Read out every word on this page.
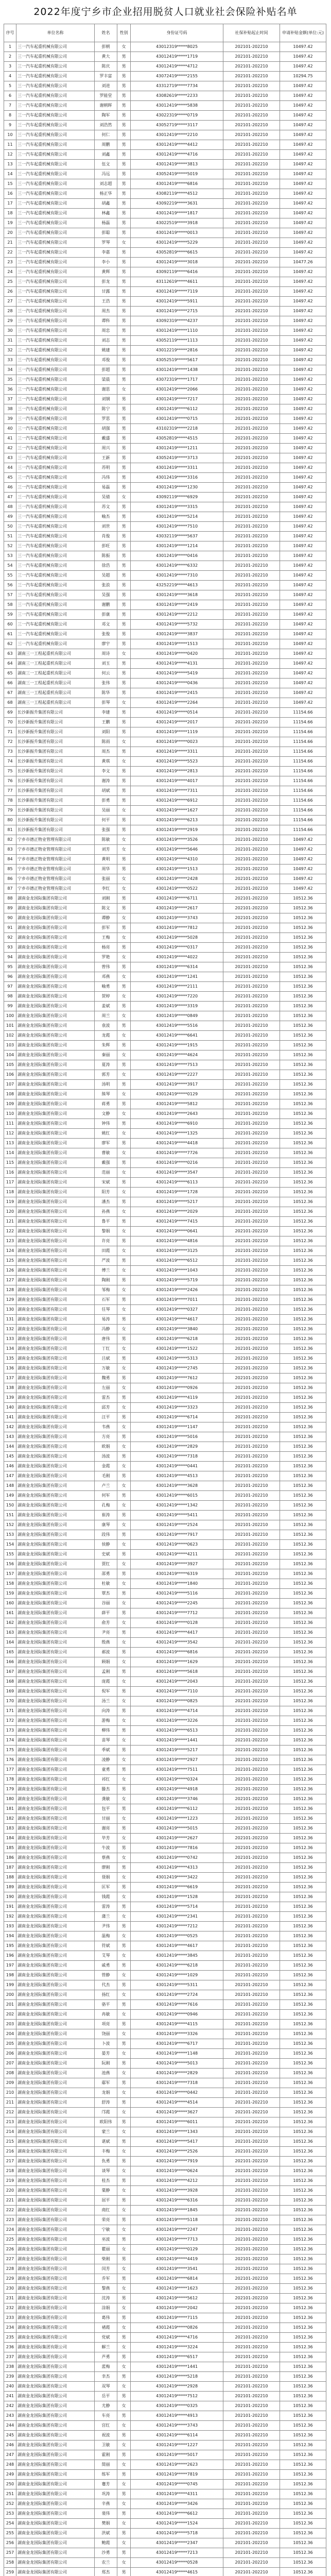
2022年度宁乡市企业招用脱贫人口就业社会保险补贴名单
序号	单位名称	姓名	性别	身份证号码	社保补贴起止时间	申请补贴金额(单位:元)
1	三一汽车起重机械有限公司	彭朝	女	43012319*****8025	202101-202210	10497.42
2	三一汽车起重机械有限公司	黄大	男	43012419*****1719	202101-202210	10497.42
3	三一汽车起重机械有限公司	陈庆	男	43012419*****4712	202101-202210	10497.42
4	三一汽车起重机械有限公司	罗丰富	男	43072419*****2155	202101-202210	10294.75
5	三一汽车起重机械有限公司	刘进	男	43312719*****7734	202101-202210	10497.42
6	三一汽车起重机械有限公司	罗能堂	男	43082619*****2233	202101-202210	10497.42
7	三一汽车起重机械有限公司	谢朝晖	男	43012419*****5838	202101-202210	10497.42
8	三一汽车起重机械有限公司	陶军	男	43022319*****0719	202101-202210	10497.42
9	三一汽车起重机械有限公司	刘浩然	男	43052719*****3117	202101-202210	10497.42
10	三一汽车起重机械有限公司	何仁	男	43012419*****2210	202101-202210	10497.42
11	三一汽车起重机械有限公司	周鹏	男	43012419*****4412	202101-202210	10497.42
12	三一汽车起重机械有限公司	刘鑫	男	43012419*****4716	202101-202210	10497.42
13	三一汽车起重机械有限公司	伍文	男	43012419*****3813	202101-202210	10497.42
14	三一汽车起重机械有限公司	冯远	男	43052419*****5019	202101-202210	10497.42
15	三一汽车起重机械有限公司	刘志超	男	43012419*****6816	202101-202210	10497.42
16	三一汽车起重机械有限公司	杨正华	男	43082119*****4512	202101-202210	10497.42
17	三一汽车起重机械有限公司	胡鑫	男	43092219*****3631	202101-202210	10497.42
18	三一汽车起重机械有限公司	林鑫	男	43012419*****1817	202101-202210	10497.42
19	三一汽车起重机械有限公司	杨磊	男	43022519*****3918	202101-202210	10497.42
20	三一汽车起重机械有限公司	彭聪	男	43012419*****0013	202101-202210	10497.42
21	三一汽车起重机械有限公司	罗琴	女	43012419*****5229	202101-202210	10497.42
22	三一汽车起重机械有限公司	李嘉	男	43052819*****6615	202101-202210	10497.42
23	三一汽车起重机械有限公司	李小	男	43012419*****3018	202101-202210	10477.26
24	三一汽车起重机械有限公司	黄辉	男	43092119*****6416	202101-202210	10497.42
25	三一汽车起重机械有限公司	彭龙	男	43112619*****4611	202101-202210	10497.42
26	三一汽车起重机械有限公司	甘露	男	43012419*****7119	202101-202210	10497.42
27	三一汽车起重机械有限公司	王浩	男	43012419*****5911	202101-202210	10497.42
28	三一汽车起重机械有限公司	周杰	男	43012419*****2715	202101-202210	10497.42
29	三一汽车起重机械有限公司	谭科	男	43092319*****4237	202101-202210	10497.42
30	三一汽车起重机械有限公司	周忠	男	43012419*****1110	202101-202210	10497.42
31	三一汽车起重机械有限公司	刘志	男	43052119*****1113	202101-202210	10497.42
32	三一汽车起重机械有限公司	姚建	男	43012219*****2816	202101-202210	10497.42
33	三一汽车起重机械有限公司	邓俊	男	43052519*****5617	202101-202210	10497.42
34	三一汽车起重机械有限公司	彭超	男	43012419*****1438	202101-202210	10497.42
35	三一汽车起重机械有限公司	梁晨	男	43072319*****1717	202101-202210	10497.42
36	三一汽车起重机械有限公司	谢思	女	43012419*****2066	202101-202210	10497.42
37	三一汽车起重机械有限公司	刘钢	男	43012419*****7217	202101-202210	10497.42
38	三一汽车起重机械有限公司	陈宁	男	43012419*****6112	202101-202210	10497.42
39	三一汽车起重机械有限公司	罗思	男	43012419*****0715	202101-202210	10497.42
40	三一汽车起重机械有限公司	胡强	男	43102319*****2218	202101-202210	10497.42
41	三一汽车起重机械有限公司	戴盛	男	43052819*****4515	202101-202210	10497.42
42	三一汽车起重机械有限公司	周兴	男	43012419*****1211	202101-202210	10497.42
43	三一汽车起重机械有限公司	王新	男	43052419*****3713	202101-202210	10497.42
44	三一汽车起重机械有限公司	苏明	男	43012419*****3311	202101-202210	10497.42
45	三一汽车起重机械有限公司	冯伟	男	43012419*****3316	202101-202210	10497.42
46	三一汽车起重机械有限公司	易磊	男	43012419*****1230	202101-202210	10497.42
47	三一汽车起重机械有限公司	吴倩	女	43092119*****6929	202101-202210	10497.42
48	三一汽车起重机械有限公司	苏文	男	43012419*****3315	202101-202210	10497.42
49	三一汽车起重机械有限公司	喻杰	男	43012419*****5214	202101-202210	10497.42
50	三一汽车起重机械有限公司	刘世	男	43012419*****7510	202101-202210	10497.42
51	三一汽车起重机械有限公司	肖俊	男	43032119*****5637	202101-202210	10497.42
52	三一汽车起重机械有限公司	彭旺	男	43012419*****1214	202101-202210	10497.42
53	三一汽车起重机械有限公司	陈振	男	43012419*****0416	202101-202210	10497.42
54	三一汽车起重机械有限公司	徐浩	男	43012419*****6332	202101-202210	10497.42
55	三一汽车起重机械有限公司	吴超	男	43012419*****7310	202101-202210	10497.42
56	三一汽车起重机械有限公司	张浪	男	43252219*****4613	202101-202210	10497.42
57	三一汽车起重机械有限公司	吴强	男	43012419*****3618	202101-202210	10497.42
58	三一汽车起重机械有限公司	谢鹏	男	43012419*****2419	202101-202210	10497.42
59	三一汽车起重机械有限公司	彭康	男	43012419*****2212	202101-202210	10497.42
60	三一汽车起重机械有限公司	邓文	男	43012419*****5732	202101-202210	10497.42
61	三一汽车起重机械有限公司	张俊	男	43012419*****3837	202101-202210	10497.42
62	三一汽车起重机械有限公司	廖宇	男	43012419*****1513	202101-202210	10497.42
63	湖南三一工程起重机有限公司	周诗	女	43012419*****0420	202101-202210	10497.42
64	湖南三一工程起重机有限公司	刘玉	男	43012419*****4131	202101-202210	10497.42
65	湖南三一工程起重机有限公司	何云	男	43012419*****5419	202101-202210	10497.42
66	湖南三一工程起重机有限公司	张伟	男	43012419*****0436	202101-202210	10497.42
67	湖南三一工程起重机有限公司	陈华	男	43012419*****2415	202101-202210	10497.42
68	湖南三一工程起重机有限公司	彭琴	女	43012419*****2264	202101-202210	10497.42
69	长沙新振升集团有限公司	李建	男	43012419*****0514	202101-202210	11154.66
70	长沙新振升集团有限公司	王鹏	男	43012419*****2017	202101-202210	11154.66
71	长沙新振升集团有限公司	刘阳	男	43012419*****1119	202101-202210	11154.66
72	长沙新振升集团有限公司	陈雨	女	43012419*****0023	202101-202210	11154.66
73	长沙新振升集团有限公司	周杰	男	43012419*****3311	202101-202210	11154.66
74	长沙新振升集团有限公司	黄琪	女	43012419*****5523	202101-202210	11154.66
75	长沙新振升集团有限公司	李文	男	43012419*****2813	202101-202210	11154.66
76	长沙新振升集团有限公司	谢涛	男	43012419*****4017	202101-202210	11154.66
77	长沙新振升集团有限公司	胡斌	男	43012419*****7311	202101-202210	11154.66
78	长沙新振升集团有限公司	彭勇	男	43012419*****6912	202101-202210	11154.66
79	长沙新振升集团有限公司	吴丽	女	43012419*****1627	202101-202210	11154.66
80	长沙新振升集团有限公司	何平	男	43012419*****6213	202101-202210	11154.66
81	长沙新振升集团有限公司	张强	男	43012419*****2919	202101-202210	11154.66
82	宁乡市德正物业管理有限公司	陈敏	女	43012419*****3526	202101-202210	10497.42
83	宁乡市德正物业管理有限公司	刘芳	女	43012419*****5646	202101-202210	10497.42
84	宁乡市德正物业管理有限公司	黄明	男	43012419*****4310	202101-202210	10497.42
85	宁乡市德正物业管理有限公司	周华	男	43012419*****1513	202101-202210	10497.42
86	宁乡市德正物业管理有限公司	张丽	女	43012419*****2428	202101-202210	10497.42
87	宁乡市德正物业管理有限公司	李红	女	43012419*****0522	202101-202210	10497.42
88	湖南金龙国际集团有限公司	刘刚	男	43012419*****6711	202101-202210	10512.36
89	湖南金龙国际集团有限公司	陈文	男	43012419*****2617	202101-202210	10512.36
90	湖南金龙国际集团有限公司	谭静	女	43012419*****3743	202101-202210	10512.36
91	湖南金龙国际集团有限公司	彭军	男	43012419*****7812	202101-202210	10512.36
92	湖南金龙国际集团有限公司	王梅	女	43012419*****5028	202101-202210	10512.36
93	湖南金龙国际集团有限公司	杨亮	男	43012419*****0317	202101-202210	10512.36
94	湖南金龙国际集团有限公司	罗艳	女	43012419*****4022	202101-202210	10512.36
95	湖南金龙国际集团有限公司	曾伟	男	43012419*****6314	202101-202210	10512.36
96	湖南金龙国际集团有限公司	邓燕	女	43012419*****1241	202101-202210	10512.36
97	湖南金龙国际集团有限公司	喻勇	男	43012419*****2111	202101-202210	10512.36
98	湖南金龙国际集团有限公司	贺婷	女	43012419*****7220	202101-202210	10512.36
99	湖南金龙国际集团有限公司	姜斌	男	43012419*****3319	202101-202210	10512.36
100	湖南金龙国际集团有限公司	周兰	女	43012419*****0849	202101-202210	10512.36
101	湖南金龙国际集团有限公司	袁波	男	43012419*****5516	202101-202210	10512.36
102	湖南金龙国际集团有限公司	龙霞	女	43012419*****6641	202101-202210	10512.36
103	湖南金龙国际集团有限公司	朱辉	男	43012419*****1915	202101-202210	10512.36
104	湖南金龙国际集团有限公司	秦丽	女	43012419*****4624	202101-202210	10512.36
105	湖南金龙国际集团有限公司	夏涛	男	43012419*****7513	202101-202210	10512.36
106	湖南金龙国际集团有限公司	郭芳	女	43012419*****2227	202101-202210	10512.36
107	湖南金龙国际集团有限公司	汤明	男	43012419*****3917	202101-202210	10512.36
108	湖南金龙国际集团有限公司	熊琴	女	43012419*****0129	202101-202210	10512.36
109	湖南金龙国际集团有限公司	蒋勇	男	43012419*****5812	202101-202210	10512.36
110	湖南金龙国际集团有限公司	文静	女	43012419*****2643	202101-202210	10512.36
111	湖南金龙国际集团有限公司	钟伟	男	43012419*****6910	202101-202210	10512.36
112	湖南金龙国际集团有限公司	姚红	女	43012419*****1325	202101-202210	10512.36
113	湖南金龙国际集团有限公司	廖军	男	43012419*****4418	202101-202210	10512.36
114	湖南金龙国际集团有限公司	曹敏	女	43012419*****7726	202101-202210	10512.36
115	湖南金龙国际集团有限公司	戴强	男	43012419*****0216	202101-202210	10512.36
116	湖南金龙国际集团有限公司	范丽	女	43012419*****3547	202101-202210	10512.36
117	湖南金龙国际集团有限公司	宋斌	男	43012419*****6113	202101-202210	10512.36
118	湖南金龙国际集团有限公司	阳芳	女	43012419*****1728	202101-202210	10512.36
119	湖南金龙国际集团有限公司	潘杰	男	43012419*****5217	202101-202210	10512.36
120	湖南金龙国际集团有限公司	孙燕	女	43012419*****2029	202101-202210	10512.36
121	湖南金龙国际集团有限公司	鲁平	男	43012419*****7415	202101-202210	10512.36
122	湖南金龙国际集团有限公司	黎娟	女	43012419*****0641	202101-202210	10512.36
123	湖南金龙国际集团有限公司	许亮	男	43012419*****4816	202101-202210	10512.36
124	湖南金龙国际集团有限公司	田霞	女	43012419*****3125	202101-202210	10512.36
125	湖南金龙国际集团有限公司	严波	男	43012419*****6512	202101-202210	10512.36
126	湖南金龙国际集团有限公司	傅兰	女	43012419*****1043	202101-202210	10512.36
127	湖南金龙国际集团有限公司	陶刚	男	43012419*****5719	202101-202210	10512.36
128	湖南金龙国际集团有限公司	邹梅	女	43012419*****2426	202101-202210	10512.36
129	湖南金龙国际集团有限公司	石军	男	43012419*****7011	202101-202210	10512.36
130	湖南金龙国际集团有限公司	任琴	女	43012419*****0327	202101-202210	10512.36
131	湖南金龙国际集团有限公司	易涛	男	43012419*****4617	202101-202210	10512.36
132	湖南金龙国际集团有限公司	冯静	女	43012419*****3840	202101-202210	10512.36
133	湖南金龙国际集团有限公司	唐伟	男	43012419*****6218	202101-202210	10512.36
134	湖南金龙国际集团有限公司	丁红	女	43012419*****1522	202101-202210	10512.36
135	湖南金龙国际集团有限公司	吕斌	男	43012419*****5313	202101-202210	10512.36
136	湖南金龙国际集团有限公司	万敏	女	43012419*****2745	202101-202210	10512.36
137	湖南金龙国际集团有限公司	魏勇	男	43012419*****7612	202101-202210	10512.36
138	湖南金龙国际集团有限公司	左丽	女	43012419*****0926	202101-202210	10512.36
139	湖南金龙国际集团有限公司	雷杰	男	43012419*****4119	202101-202210	10512.36
140	湖南金龙国际集团有限公司	邱芳	女	43012419*****3323	202101-202210	10512.36
141	湖南金龙国际集团有限公司	汪平	男	43012419*****6714	202101-202210	10512.36
142	湖南金龙国际集团有限公司	韦燕	女	43012419*****1147	202101-202210	10512.36
143	湖南金龙国际集团有限公司	方亮	男	43012419*****5016	202101-202210	10512.36
144	湖南金龙国际集团有限公司	欧娟	女	43012419*****2829	202101-202210	10512.36
145	湖南金龙国际集团有限公司	汤波	男	43012419*****7318	202101-202210	10512.36
146	湖南金龙国际集团有限公司	金霞	女	43012419*****0441	202101-202210	10512.36
147	湖南金龙国际集团有限公司	毛刚	男	43012419*****4513	202101-202210	10512.36
148	湖南金龙国际集团有限公司	卢兰	女	43012419*****3628	202101-202210	10512.36
149	湖南金龙国际集团有限公司	何军	男	43012419*****6015	202101-202210	10512.36
150	湖南金龙国际集团有限公司	孔梅	女	43012419*****1342	202101-202210	10512.36
151	湖南金龙国际集团有限公司	崔涛	男	43012419*****5411	202101-202210	10512.36
152	湖南金龙国际集团有限公司	康琴	女	43012419*****2524	202101-202210	10512.36
153	湖南金龙国际集团有限公司	段伟	男	43012419*****7917	202101-202210	10512.36
154	湖南金龙国际集团有限公司	侯静	女	43012419*****0623	202101-202210	10512.36
155	湖南金龙国际集团有限公司	史斌	男	43012419*****4211	202101-202210	10512.36
156	湖南金龙国际集团有限公司	贾红	女	43012419*****3927	202101-202210	10512.36
157	湖南金龙国际集团有限公司	邵勇	男	43012419*****6319	202101-202210	10512.36
158	湖南金龙国际集团有限公司	杜敏	女	43012419*****1840	202101-202210	10512.36
159	湖南金龙国际集团有限公司	覃杰	男	43012419*****5116	202101-202210	10512.36
160	湖南金龙国际集团有限公司	谷丽	女	43012419*****2245	202101-202210	10512.36
161	湖南金龙国际集团有限公司	薛平	男	43012419*****7712	202101-202210	10512.36
162	湖南金龙国际集团有限公司	俞芳	女	43012419*****0128	202101-202210	10512.36
163	湖南金龙国际集团有限公司	尹亮	男	43012419*****4417	202101-202210	10512.36
164	湖南金龙国际集团有限公司	殷燕	女	43012419*****3542	202101-202210	10512.36
165	湖南金龙国际集团有限公司	郝波	男	43012419*****6816	202101-202210	10512.36
166	湖南金龙国际集团有限公司	顾娟	女	43012419*****1629	202101-202210	10512.36
167	湖南金龙国际集团有限公司	孟刚	男	43012419*****5618	202101-202210	10512.36
168	湖南金龙国际集团有限公司	庞霞	女	43012419*****2043	202101-202210	10512.36
169	湖南金龙国际集团有限公司	倪军	男	43012419*****7110	202101-202210	10512.36
170	湖南金龙国际集团有限公司	汤兰	女	43012419*****0825	202101-202210	10512.36
171	湖南金龙国际集团有限公司	向涛	男	43012419*****4714	202101-202210	10512.36
172	湖南金龙国际集团有限公司	游梅	女	43012419*****3226	202101-202210	10512.36
173	湖南金龙国际集团有限公司	柳伟	男	43012419*****6513	202101-202210	10512.36
174	湖南金龙国际集团有限公司	苗琴	女	43012419*****1441	202101-202210	10512.36
175	湖南金龙国际集团有限公司	季斌	男	43012419*****5217	202101-202210	10512.36
176	湖南金龙国际集团有限公司	凌静	女	43012419*****2927	202101-202210	10512.36
177	湖南金龙国际集团有限公司	童勇	男	43012419*****7511	202101-202210	10512.36
178	湖南金龙国际集团有限公司	祁红	女	43012419*****0324	202101-202210	10512.36
179	湖南金龙国际集团有限公司	滕杰	男	43012419*****4918	202101-202210	10512.36
180	湖南金龙国际集团有限公司	龚敏	女	43012419*****3746	202101-202210	10512.36
181	湖南金龙国际集团有限公司	包平	男	43012419*****6112	202101-202210	10512.36
182	湖南金龙国际集团有限公司	甘丽	女	43012419*****1223	202101-202210	10512.36
183	湖南金龙国际集团有限公司	谢亮	男	43012419*****5015	202101-202210	10512.36
184	湖南金龙国际集团有限公司	毕芳	女	43012419*****2627	202101-202210	10512.36
185	湖南金龙国际集团有限公司	牛波	男	43012419*****7816	202101-202210	10512.36
186	湖南金龙国际集团有限公司	蔡燕	女	43012419*****0742	202101-202210	10512.36
187	湖南金龙国际集团有限公司	廖刚	男	43012419*****4313	202101-202210	10512.36
188	湖南金龙国际集团有限公司	聂娟	女	43012419*****3422	202101-202210	10512.36
189	湖南金龙国际集团有限公司	匡军	男	43012419*****6619	202101-202210	10512.36
190	湖南金龙国际集团有限公司	钱霞	女	43012419*****1528	202101-202210	10512.36
191	湖南金龙国际集团有限公司	雷涛	男	43012419*****5714	202101-202210	10512.36
192	湖南金龙国际集团有限公司	蒲兰	女	43012419*****2341	202101-202210	10512.36
193	湖南金龙国际集团有限公司	尹伟	男	43012419*****7212	202101-202210	10512.36
194	湖南金龙国际集团有限公司	温梅	女	43012419*****0525	202101-202210	10512.36
195	湖南金龙国际集团有限公司	符斌	男	43012419*****4617	202101-202210	10512.36
196	湖南金龙国际集团有限公司	艾琴	女	43012419*****3845	202101-202210	10512.36
197	湖南金龙国际集团有限公司	戚勇	男	43012419*****6218	202101-202210	10512.36
198	湖南金龙国际集团有限公司	管静	女	43012419*****1029	202101-202210	10512.36
199	湖南金龙国际集团有限公司	代杰	男	43012419*****5311	202101-202210	10512.36
200	湖南金龙国际集团有限公司	扬红	女	43012419*****2724	202101-202210	10512.36
201	湖南金龙国际集团有限公司	骆平	男	43012419*****7616	202101-202210	10512.36
202	湖南金龙国际集团有限公司	冉敏	女	43012419*****0946	202101-202210	10512.36
203	湖南金龙国际集团有限公司	项亮	男	43012419*****4115	202101-202210	10512.36
204	湖南金龙国际集团有限公司	饶丽	女	43012419*****3326	202101-202210	10512.36
205	湖南金龙国际集团有限公司	卜波	男	43012419*****6717	202101-202210	10512.36
206	湖南金龙国际集团有限公司	晏芳	女	43012419*****1148	202101-202210	10512.36
207	湖南金龙国际集团有限公司	阮刚	男	43012419*****5013	202101-202210	10512.36
208	湖南金龙国际集团有限公司	池燕	女	43012419*****2829	202101-202210	10512.36
209	湖南金龙国际集团有限公司	鄢军	男	43012419*****7318	202101-202210	10512.36
210	湖南金龙国际集团有限公司	龙娟	女	43012419*****0442	202101-202210	10512.36
211	湖南金龙国际集团有限公司	舒涛	男	43012419*****4514	202101-202210	10512.36
212	湖南金龙国际集团有限公司	邝霞	女	43012419*****3627	202101-202210	10512.36
213	湖南金龙国际集团有限公司	欧阳伟	男	43012419*****6011	202101-202210	10512.36
214	湖南金龙国际集团有限公司	蒙兰	女	43012419*****1343	202101-202210	10512.36
215	湖南金龙国际集团有限公司	谌斌	男	43012419*****5417	202101-202210	10512.36
216	湖南金龙国际集团有限公司	丰梅	女	43012419*****2526	202101-202210	10512.36
217	湖南金龙国际集团有限公司	仇勇	男	43012419*****7919	202101-202210	10512.36
218	湖南金龙国际集团有限公司	谈琴	女	43012419*****0624	202101-202210	10512.36
219	湖南金龙国际集团有限公司	桂杰	男	43012419*****4212	202101-202210	10512.36
220	湖南金龙国际集团有限公司	粟静	女	43012419*****3928	202101-202210	10512.36
221	湖南金龙国际集团有限公司	屈平	男	43012419*****6316	202101-202210	10512.36
222	湖南金龙国际集团有限公司	商红	女	43012419*****1845	202101-202210	10512.36
223	湖南金龙国际集团有限公司	荣亮	男	43012419*****5118	202101-202210	10512.36
224	湖南金龙国际集团有限公司	宁敏	女	43012419*****2247	202101-202210	10512.36
225	湖南金龙国际集团有限公司	巫波	男	43012419*****7713	202101-202210	10512.36
226	湖南金龙国际集团有限公司	瞿丽	女	43012419*****0129	202101-202210	10512.36
227	湖南金龙国际集团有限公司	柴刚	男	43012419*****4419	202101-202210	10512.36
228	湖南金龙国际集团有限公司	闵芳	女	43012419*****3541	202101-202210	10512.36
229	湖南金龙国际集团有限公司	乔军	男	43012419*****6814	202101-202210	10512.36
230	湖南金龙国际集团有限公司	黎燕	女	43012419*****1623	202101-202210	10512.36
231	湖南金龙国际集团有限公司	沈涛	男	43012419*****5612	202101-202210	10512.36
232	湖南金龙国际集团有限公司	涂娟	女	43012419*****2042	202101-202210	10512.36
233	湖南金龙国际集团有限公司	葛伟	男	43012419*****7115	202101-202210	10512.36
234	湖南金龙国际集团有限公司	褚霞	女	43012419*****0826	202101-202210	10512.36
235	湖南金龙国际集团有限公司	党斌	男	43012419*****4716	202101-202210	10512.36
236	湖南金龙国际集团有限公司	解兰	女	43012419*****3224	202101-202210	10512.36
237	湖南金龙国际集团有限公司	芦勇	男	43012419*****6517	202101-202210	10512.36
238	湖南金龙国际集团有限公司	蓝梅	女	43012419*****1441	202101-202210	10512.36
239	湖南金龙国际集团有限公司	幸杰	男	43012419*****5218	202101-202210	10512.36
240	湖南金龙国际集团有限公司	双琴	女	43012419*****2928	202101-202210	10512.36
241	湖南金龙国际集团有限公司	岳平	男	43012419*****7512	202101-202210	10512.36
242	湖南金龙国际集团有限公司	尤静	女	43012419*****0325	202101-202210	10512.36
243	湖南金龙国际集团有限公司	车亮	男	43012419*****4913	202101-202210	10512.36
244	湖南金龙国际集团有限公司	宫红	女	43012419*****3743	202101-202210	10512.36
245	湖南金龙国际集团有限公司	祝波	男	43012419*****6114	202101-202210	10512.36
246	湖南金龙国际集团有限公司	卫敏	女	43012419*****1227	202101-202210	10512.36
247	湖南金龙国际集团有限公司	霍刚	男	43012419*****5017	202101-202210	10512.36
248	湖南金龙国际集团有限公司	简丽	女	43012419*****2623	202101-202210	10512.36
249	湖南金龙国际集团有限公司	练军	男	43012419*****7819	202101-202210	10512.36
250	湖南金龙国际集团有限公司	蹇芳	女	43012419*****0745	202101-202210	10512.36
251	湖南金龙国际集团有限公司	巩涛	男	43012419*****4311	202101-202210	10512.36
252	湖南金龙国际集团有限公司	辛燕	女	43012419*****3426	202101-202210	10512.36
253	湖南金龙国际集团有限公司	裴伟	男	43012419*****6612	202101-202210	10512.36
254	湖南金龙国际集团有限公司	樊娟	女	43012419*****1524	202101-202210	10512.36
255	湖南金龙国际集团有限公司	洪斌	男	43012419*****5718	202101-202210	10512.36
256	湖南金龙国际集团有限公司	鲍霞	女	43012419*****2347	202101-202210	10512.36
257	湖南金龙国际集团有限公司	沙勇	男	43012419*****7213	202101-202210	10512.36
258	湖南金龙国际集团有限公司	农兰	女	43012419*****0528	202101-202210	10512.36
259	湖南金龙国际集团有限公司	郑杰	男	43012419*****4615	202101-202210	10512.36
